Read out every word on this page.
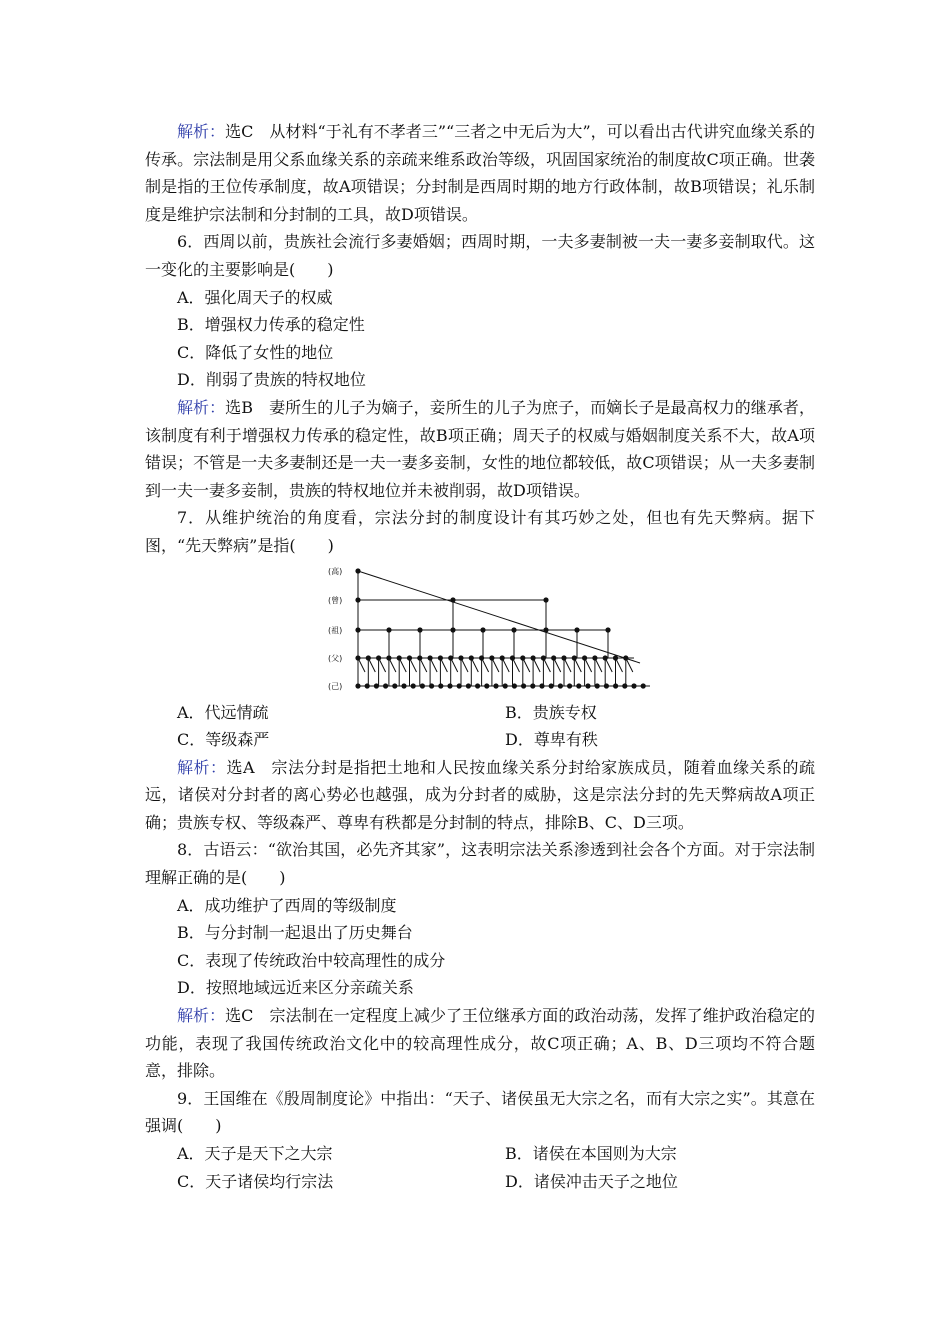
解析：选C　从材料“于礼有不孝者三”“三者之中无后为大”，可以看出古代讲究血缘关系的传承。宗法制是用父系血缘关系的亲疏来维系政治等级，巩固国家统治的制度故C项正确。世袭制是指的王位传承制度，故A项错误；分封制是西周时期的地方行政体制，故B项错误；礼乐制度是维护宗法制和分封制的工具，故D项错误。

6．西周以前，贵族社会流行多妻婚姻；西周时期，一夫多妻制被一夫一妻多妾制取代。这一变化的主要影响是(　　)

A．强化周天子的权威

B．增强权力传承的稳定性

C．降低了女性的地位

D．削弱了贵族的特权地位

解析：选B　妻所生的儿子为嫡子，妾所生的儿子为庶子，而嫡长子是最高权力的继承者，该制度有利于增强权力传承的稳定性，故B项正确；周天子的权威与婚姻制度关系不大，故A项错误；不管是一夫多妻制还是一夫一妻多妾制，女性的地位都较低，故C项错误；从一夫多妻制到一夫一妻多妾制，贵族的特权地位并未被削弱，故D项错误。

7．从维护统治的角度看，宗法分封的制度设计有其巧妙之处，但也有先天弊病。据下图，“先天弊病”是指(　　)

(高)
(曾)
(祖)
(父)
(己)
A．代远情疏	B．贵族专权
C．等级森严	D．尊卑有秩

解析：选A　宗法分封是指把土地和人民按血缘关系分封给家族成员，随着血缘关系的疏远，诸侯对分封者的离心势必也越强，成为分封者的威胁，这是宗法分封的先天弊病故A项正确；贵族专权、等级森严、尊卑有秩都是分封制的特点，排除B、C、D三项。

8．古语云：“欲治其国，必先齐其家”，这表明宗法关系渗透到社会各个方面。对于宗法制理解正确的是(　　)

A．成功维护了西周的等级制度

B．与分封制一起退出了历史舞台

C．表现了传统政治中较高理性的成分

D．按照地域远近来区分亲疏关系

解析：选C　宗法制在一定程度上减少了王位继承方面的政治动荡，发挥了维护政治稳定的功能，表现了我国传统政治文化中的较高理性成分，故C项正确；A、B、D三项均不符合题意，排除。

9．王国维在《殷周制度论》中指出：“天子、诸侯虽无大宗之名，而有大宗之实”。其意在强调(　　)

A．天子是天下之大宗	B．诸侯在本国则为大宗
C．天子诸侯均行宗法	D．诸侯冲击天子之地位
